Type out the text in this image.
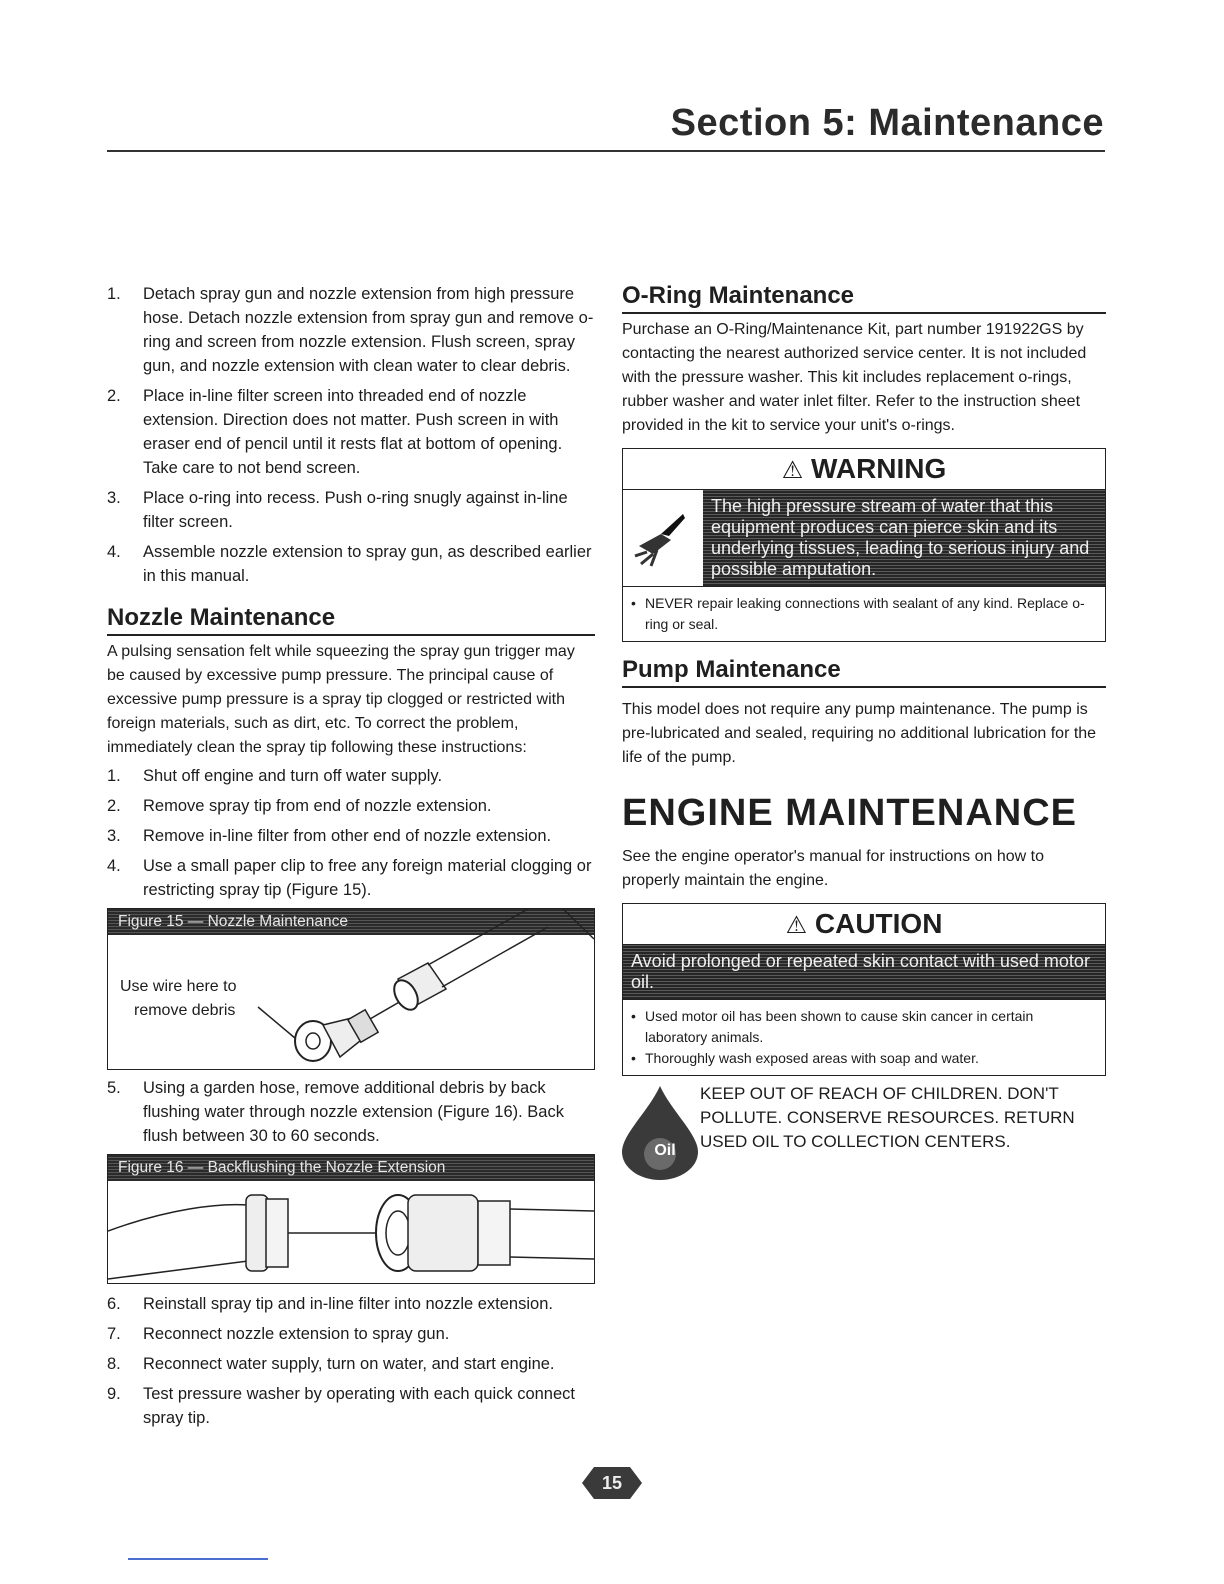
Section 5: Maintenance
1.	Detach spray gun and nozzle extension from high pressure hose. Detach nozzle extension from spray gun and remove o-ring and screen from nozzle extension. Flush screen, spray gun, and nozzle extension with clean water to clear debris.
2.	Place in-line filter screen into threaded end of nozzle extension. Direction does not matter. Push screen in with eraser end of pencil until it rests flat at bottom of opening. Take care to not bend screen.
3.	Place o-ring into recess. Push o-ring snugly against in-line filter screen.
4.	Assemble nozzle extension to spray gun, as described earlier in this manual.
Nozzle Maintenance

A pulsing sensation felt while squeezing the spray gun trigger may be caused by excessive pump pressure. The principal cause of excessive pump pressure is a spray tip clogged or restricted with foreign materials, such as dirt, etc. To correct the problem, immediately clean the spray tip following these instructions:

1.	Shut off engine and turn off water supply.
2.	Remove spray tip from end of nozzle extension.
3.	Remove in-line filter from other end of nozzle extension.
4.	Use a small paper clip to free any foreign material clogging or restricting spray tip (Figure 15).
Figure 15 — Nozzle Maintenance
Use wire here to
remove debris
5.	Using a garden hose, remove additional debris by back flushing water through nozzle extension (Figure 16). Back flush between 30 to 60 seconds.
Figure 16 — Backflushing the Nozzle Extension
6.	Reinstall spray tip and in-line filter into nozzle extension.
7.	Reconnect nozzle extension to spray gun.
8.	Reconnect water supply, turn on water, and start engine.
9.	Test pressure washer by operating with each quick connect spray tip.
O-Ring Maintenance

Purchase an O-Ring/Maintenance Kit, part number 191922GS by contacting the nearest authorized service center. It is not included with the pressure washer. This kit includes replacement o-rings, rubber washer and water inlet filter. Refer to the instruction sheet provided in the kit to service your unit's o-rings.

⚠ WARNING
The high pressure stream of water that this equipment produces can pierce skin and its underlying tissues, leading to serious injury and possible amputation.
• NEVER repair leaking connections with sealant of any kind. Replace o-ring or seal.
Pump Maintenance

This model does not require any pump maintenance. The pump is pre-lubricated and sealed, requiring no additional lubrication for the life of the pump.

ENGINE MAINTENANCE

See the engine operator's manual for instructions on how to properly maintain the engine.

⚠ CAUTION
Avoid prolonged or repeated skin contact with used motor oil.
• Used motor oil has been shown to cause skin cancer in certain laboratory animals.
• Thoroughly wash exposed areas with soap and water.
Oil
KEEP OUT OF REACH OF CHILDREN. DON'T POLLUTE. CONSERVE RESOURCES. RETURN USED OIL TO COLLECTION CENTERS.
15
